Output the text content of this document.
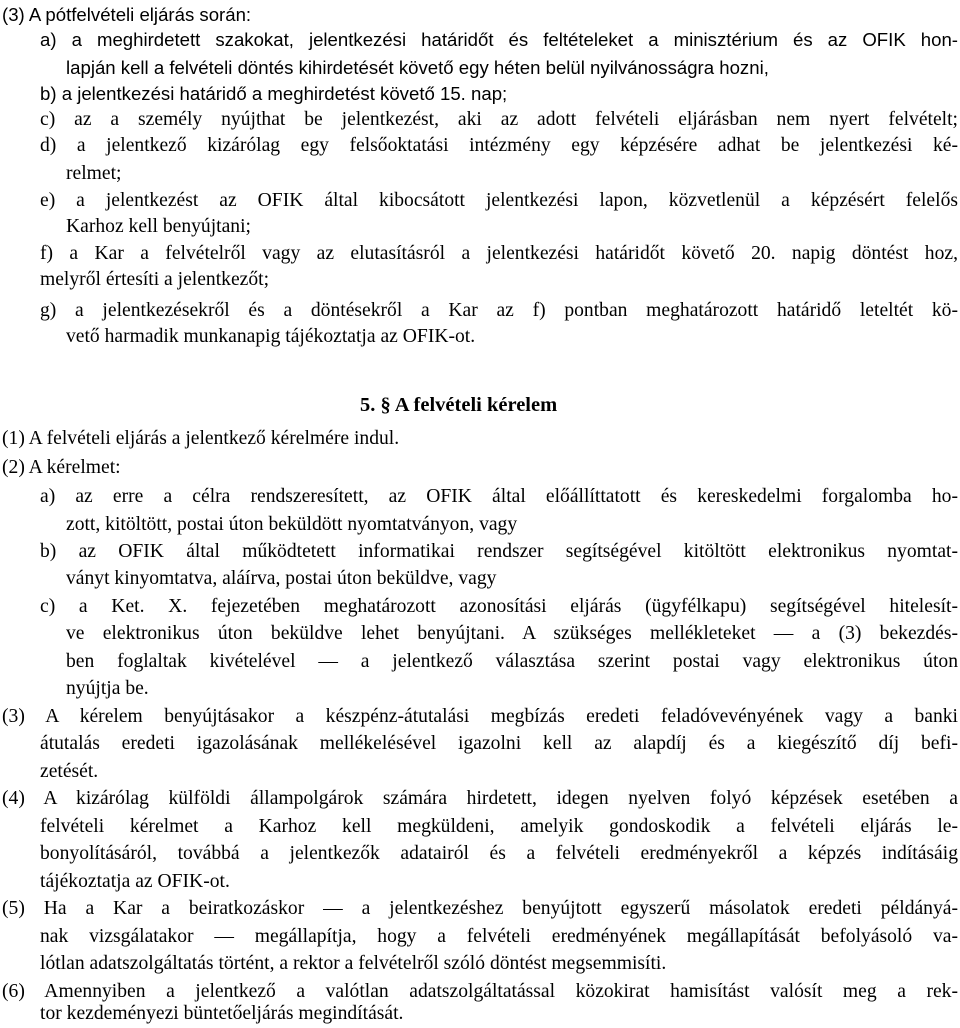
(3) A pótfelvételi eljárás során:
a) a meghirdetett szakokat, jelentkezési határidőt és feltételeket a minisztérium és az OFIK hon-
lapján kell a felvételi döntés kihirdetését követő egy héten belül nyilvánosságra hozni,
b) a jelentkezési határidő a meghirdetést követő 15. nap;
c) az a személy nyújthat be jelentkezést, aki az adott felvételi eljárásban nem nyert felvételt;
d) a jelentkező kizárólag egy felsőoktatási intézmény egy képzésére adhat be jelentkezési ké-
relmet;
e) a jelentkezést az OFIK által kibocsátott jelentkezési lapon, közvetlenül a képzésért felelős
Karhoz kell benyújtani;
f) a Kar a felvételről vagy az elutasításról a jelentkezési határidőt követő 20. napig döntést hoz,
melyről értesíti a jelentkezőt;
g) a jelentkezésekről és a döntésekről a Kar az f) pontban meghatározott határidő leteltét kö-
vető harmadik munkanapig tájékoztatja az OFIK-ot.
5. § A felvételi kérelem
(1) A felvételi eljárás a jelentkező kérelmére indul.
(2) A kérelmet:
a) az erre a célra rendszeresített, az OFIK által előállíttatott és kereskedelmi forgalomba ho-
zott, kitöltött, postai úton beküldött nyomtatványon, vagy
b) az OFIK által működtetett informatikai rendszer segítségével kitöltött elektronikus nyomtat-
ványt kinyomtatva, aláírva, postai úton beküldve, vagy
c) a Ket. X. fejezetében meghatározott azonosítási eljárás (ügyfélkapu) segítségével hitelesít-
ve elektronikus úton beküldve lehet benyújtani. A szükséges mellékleteket — a (3) bekezdés-
ben foglaltak kivételével — a jelentkező választása szerint postai vagy elektronikus úton
nyújtja be.
(3) A kérelem benyújtásakor a készpénz-átutalási megbízás eredeti feladóvevényének vagy a banki
átutalás eredeti igazolásának mellékelésével igazolni kell az alapdíj és a kiegészítő díj befi-
zetését.
(4) A kizárólag külföldi állampolgárok számára hirdetett, idegen nyelven folyó képzések esetében a
felvételi kérelmet a Karhoz kell megküldeni, amelyik gondoskodik a felvételi eljárás le-
bonyolításáról, továbbá a jelentkezők adatairól és a felvételi eredményekről a képzés indításáig
tájékoztatja az OFIK-ot.
(5) Ha a Kar a beiratkozáskor — a jelentkezéshez benyújtott egyszerű másolatok eredeti példányá-
nak vizsgálatakor — megállapítja, hogy a felvételi eredményének megállapítását befolyásoló va-
lótlan adatszolgáltatás történt, a rektor a felvételről szóló döntést megsemmisíti.
(6) Amennyiben a jelentkező a valótlan adatszolgáltatással közokirat hamisítást valósít meg a rek-
tor kezdeményezi büntetőeljárás megindítását.
